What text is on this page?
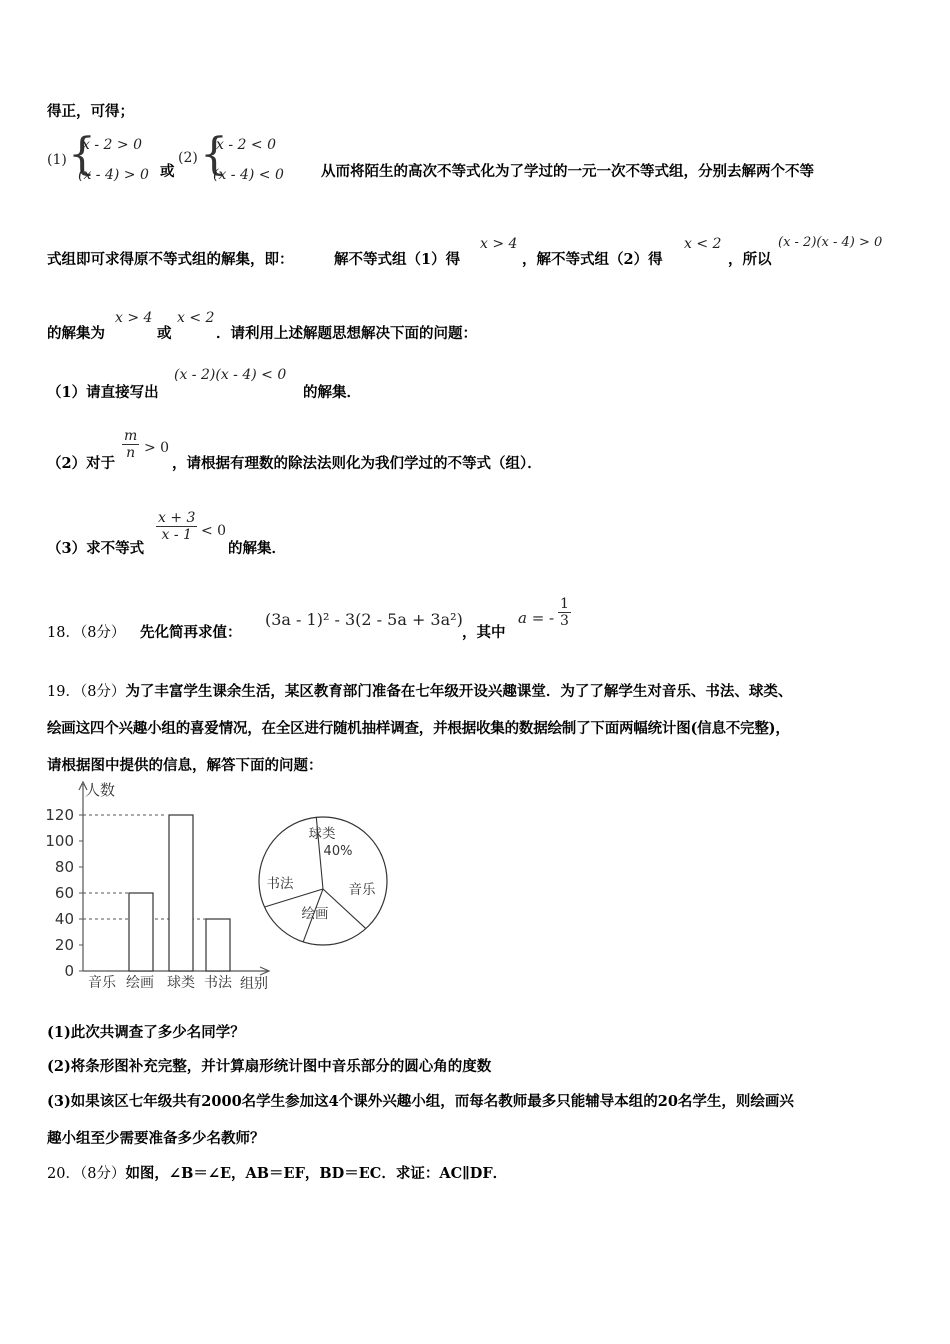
得正，可得；
(1) {
x - 2 > 0
(x - 4) > 0 或
(2) {
x - 2 < 0
(x - 4) < 0	从而将陌生的高次不等式化为了学过的一元一次不等式组，分别去解两个不等
式组即可求得原不等式组的解集，即：	解不等式组（1）得
x > 4
，解不等式组（2）得
x < 2
，所以
(x - 2)(x - 4) > 0
的解集为
x > 4
或
x < 2
．请利用上述解题思想解决下面的问题：
（1）请直接写出
(x - 2)(x - 4) < 0
的解集．
（2）对于
$\frac{m}{n} > 0$
，请根据有理数的除法法则化为我们学过的不等式（组）．
（3）求不等式
$\frac{x + 3}{x - 1} < 0$
的解集．
18．（8分） 先化简再求值：
(3a - 1)² - 3(2 - 5a + 3a²)
，其中
a = - $\frac{1}{3}$
19．（8分）为了丰富学生课余生活，某区教育部门准备在七年级开设兴趣课堂．为了了解学生对音乐、书法、球类、
绘画这四个兴趣小组的喜爱情况，在全区进行随机抽样调查，并根据收集的数据绘制了下面两幅统计图(信息不完整)，
请根据图中提供的信息，解答下面的问题：
人数
0
20
40
60
80
100
120
音乐 绘画 球类 书法 组别
球类
40%
音乐
绘画
书法
(1)此次共调查了多少名同学？
(2)将条形图补充完整，并计算扇形统计图中音乐部分的圆心角的度数
(3)如果该区七年级共有2000名学生参加这4个课外兴趣小组，而每名教师最多只能辅导本组的20名学生，则绘画兴
趣小组至少需要准备多少名教师？
20．（8分）如图，∠B＝∠E，AB＝EF，BD＝EC．求证：AC∥DF．
